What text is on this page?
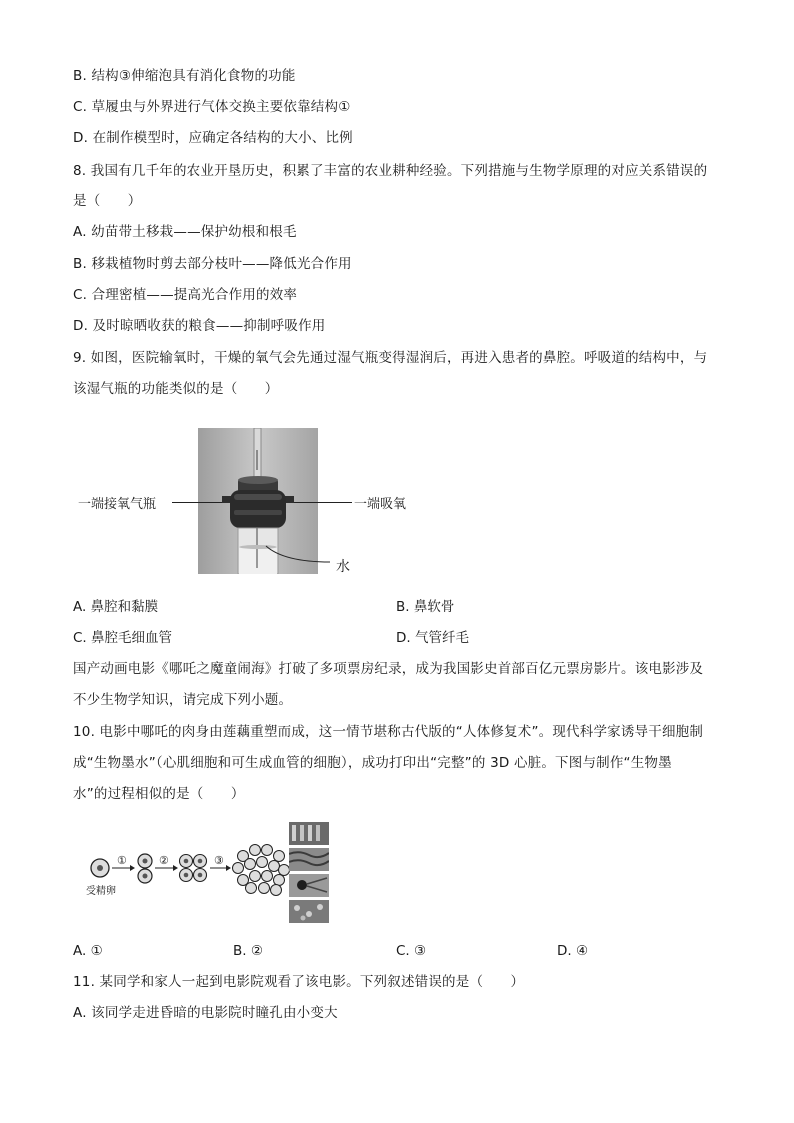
B. 结构③伸缩泡具有消化食物的功能
C. 草履虫与外界进行气体交换主要依靠结构①
D. 在制作模型时，应确定各结构的大小、比例
8. 我国有几千年的农业开垦历史，积累了丰富的农业耕种经验。下列措施与生物学原理的对应关系错误的
是（　　）
A. 幼苗带土移栽——保护幼根和根毛
B. 移栽植物时剪去部分枝叶——降低光合作用
C. 合理密植——提高光合作用的效率
D. 及时晾晒收获的粮食——抑制呼吸作用
9. 如图，医院输氧时，干燥的氧气会先通过湿气瓶变得湿润后，再进入患者的鼻腔。呼吸道的结构中，与
该湿气瓶的功能类似的是（　　）
一端接氧气瓶	一端吸氧
水
A. 鼻腔和黏膜	B. 鼻软骨
C. 鼻腔毛细血管	D. 气管纤毛
国产动画电影《哪吒之魔童闹海》打破了多项票房纪录，成为我国影史首部百亿元票房影片。该电影涉及
不少生物学知识，请完成下列小题。
10. 电影中哪吒的肉身由莲藕重塑而成，这一情节堪称古代版的“人体修复术”。现代科学家诱导干细胞制
成“生物墨水”（心肌细胞和可生成血管的细胞），成功打印出“完整”的 3D 心脏。下图与制作“生物墨
水”的过程相似的是（　　）
①	②	③
受精卵
A. ①	B. ②	C. ③	D. ④
11. 某同学和家人一起到电影院观看了该电影。下列叙述错误的是（　　）
A. 该同学走进昏暗的电影院时瞳孔由小变大
